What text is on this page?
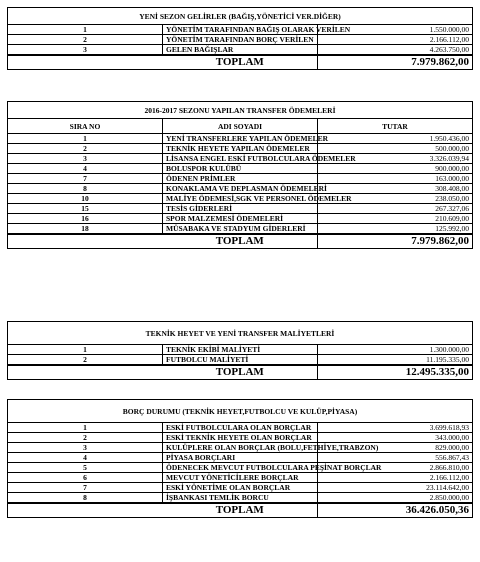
YENİ SEZON GELİRLER (BAĞIŞ,YÖNETİCİ VER.DİĞER)		
1	YÖNETİM TARAFINDAN BAĞIŞ OLARAK VERİLEN	1.550.000,00
2	YÖNETİM TARAFINDAN BORÇ VERİLEN	2.166.112,00
3	GELEN BAĞIŞLAR	4.263.750,00
	TOPLAM	7.979.862,00
2016-2017 SEZONU YAPILAN TRANSFER ÖDEMELERİ		
SIRA NO	ADI SOYADI	TUTAR
1	YENİ TRANSFERLERE YAPILAN ÖDEMELER	1.950.436,00
2	TEKNİK HEYETE YAPILAN ÖDEMELER	500.000,00
3	LİSANSA ENGEL ESKİ FUTBOLCULARA ÖDEMELER	3.326.039,94
4	BOLUSPOR KULÜBÜ	900.000,00
7	ÖDENEN PRİMLER	163.000,00
8	KONAKLAMA VE DEPLASMAN ÖDEMELERİ	308.408,00
10	MALİYE ÖDEMESİ,SGK VE PERSONEL ÖDEMELER	238.050,00
15	TESİS GİDERLERİ	267.327,06
16	SPOR MALZEMESİ ÖDEMELERİ	210.609,00
18	MÜSABAKA VE STADYUM GİDERLERİ	125.992,00
	TOPLAM	7.979.862,00
TEKNİK HEYET VE YENİ TRANSFER MALİYETLERİ		
1	TEKNİK EKİBİ MALİYETİ	1.300.000,00
2	FUTBOLCU MALİYETİ	11.195.335,00
	TOPLAM	12.495.335,00
BORÇ DURUMU (TEKNİK HEYET,FUTBOLCU VE KULÜP,PİYASA)		
1	ESKİ FUTBOLCULARA OLAN BORÇLAR	3.699.618,93
2	ESKİ TEKNİK HEYETE OLAN BORÇLAR	343.000,00
3	KULÜPLERE OLAN BORÇLAR (BOLU,FETHİYE,TRABZON)	829.000,00
4	PİYASA BORÇLARI	556.867,43
5	ÖDENECEK MEVCUT FUTBOLCULARA PEŞİNAT BORÇLAR	2.866.810,00
6	MEVCUT YÖNETİCİLERE BORÇLAR	2.166.112,00
7	ESKİ YÖNETİME OLAN BORÇLAR	23.114.642,00
8	İŞBANKASI TEMLİK BORCU	2.850.000,00
	TOPLAM	36.426.050,36
